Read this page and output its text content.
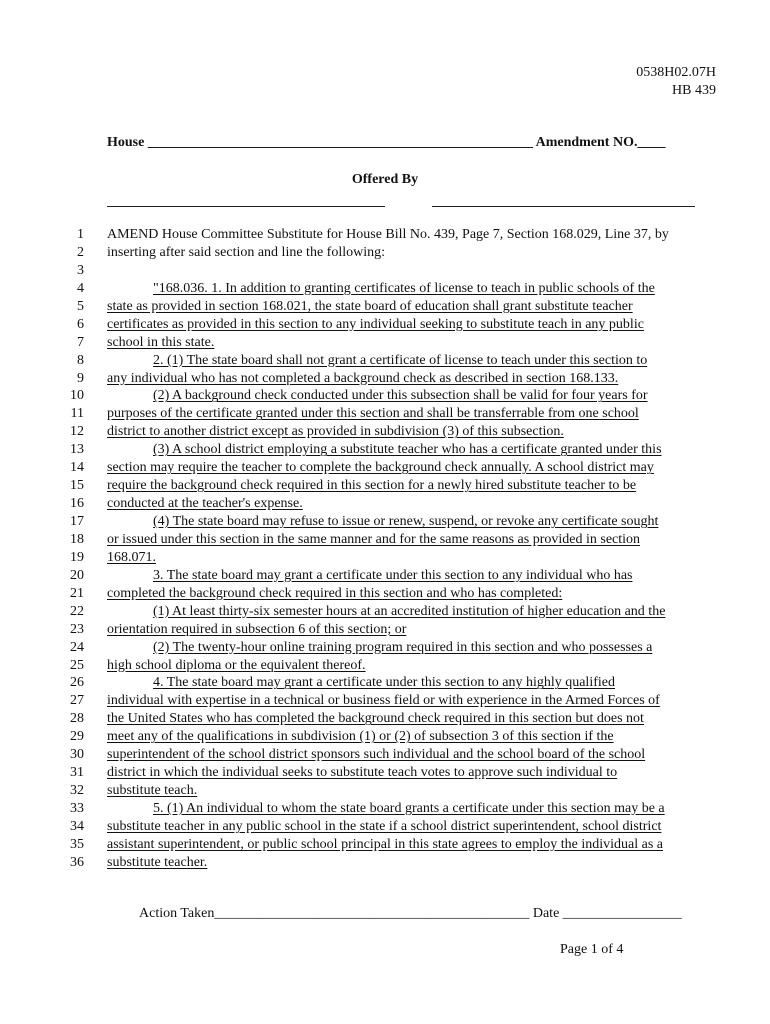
0538H02.07H
HB 439
House _______________________________________________________ Amendment NO.____
Offered By
1 AMEND House Committee Substitute for House Bill No. 439, Page 7, Section 168.029, Line 37, by
2 inserting after said section and line the following:
3
4	"168.036. 1. In addition to granting certificates of license to teach in public schools of the
5 state as provided in section 168.021, the state board of education shall grant substitute teacher
6 certificates as provided in this section to any individual seeking to substitute teach in any public
7 school in this state.
8	2. (1) The state board shall not grant a certificate of license to teach under this section to
9 any individual who has not completed a background check as described in section 168.133.
10	(2) A background check conducted under this subsection shall be valid for four years for
11 purposes of the certificate granted under this section and shall be transferrable from one school
12 district to another district except as provided in subdivision (3) of this subsection.
13	(3) A school district employing a substitute teacher who has a certificate granted under this
14 section may require the teacher to complete the background check annually. A school district may
15 require the background check required in this section for a newly hired substitute teacher to be
16 conducted at the teacher's expense.
17	(4) The state board may refuse to issue or renew, suspend, or revoke any certificate sought
18 or issued under this section in the same manner and for the same reasons as provided in section
19 168.071.
20	3. The state board may grant a certificate under this section to any individual who has
21 completed the background check required in this section and who has completed:
22	(1) At least thirty-six semester hours at an accredited institution of higher education and the
23 orientation required in subsection 6 of this section; or
24	(2) The twenty-hour online training program required in this section and who possesses a
25 high school diploma or the equivalent thereof.
26	4. The state board may grant a certificate under this section to any highly qualified
27 individual with expertise in a technical or business field or with experience in the Armed Forces of
28 the United States who has completed the background check required in this section but does not
29 meet any of the qualifications in subdivision (1) or (2) of subsection 3 of this section if the
30 superintendent of the school district sponsors such individual and the school board of the school
31 district in which the individual seeks to substitute teach votes to approve such individual to
32 substitute teach.
33	5. (1) An individual to whom the state board grants a certificate under this section may be a
34 substitute teacher in any public school in the state if a school district superintendent, school district
35 assistant superintendent, or public school principal in this state agrees to employ the individual as a
36 substitute teacher.
Action Taken_____________________________________________ Date _________________
Page 1 of 4
